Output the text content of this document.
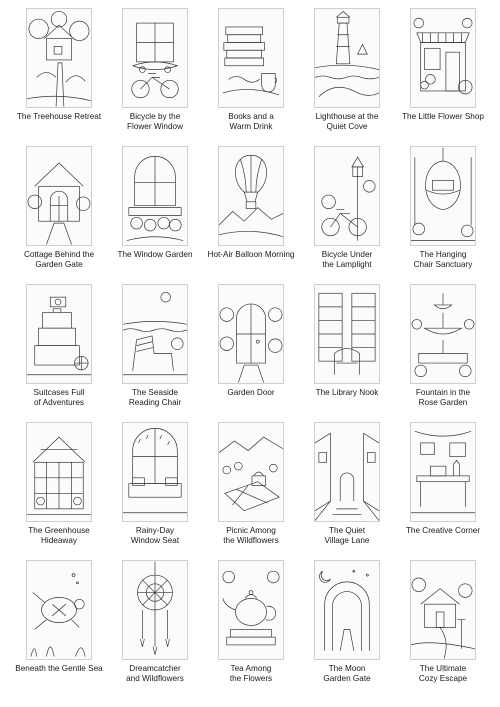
The Treehouse Retreat	Bicycle by the
Flower Window
Books and a
Warm Drink
Lighthouse at the
Quiet Cove
The Little Flower Shop
Cottage Behind the
Garden Gate
The Window Garden	Hot-Air Balloon Morning	Bicycle Under
the Lamplight
The Hanging
Chair Sanctuary
Suitcases Full
of Adventures
The Seaside
Reading Chair
Garden Door	The Library Nook	Fountain in the
Rose Garden
The Greenhouse
Hideaway
Rainy-Day
Window Seat
Picnic Among
the Wildflowers
The Quiet
Village Lane
The Creative Corner
Beneath the Gentle Sea	Dreamcatcher
and Wildflowers
Tea Among
the Flowers
The Moon
Garden Gate
The Ultimate
Cozy Escape
